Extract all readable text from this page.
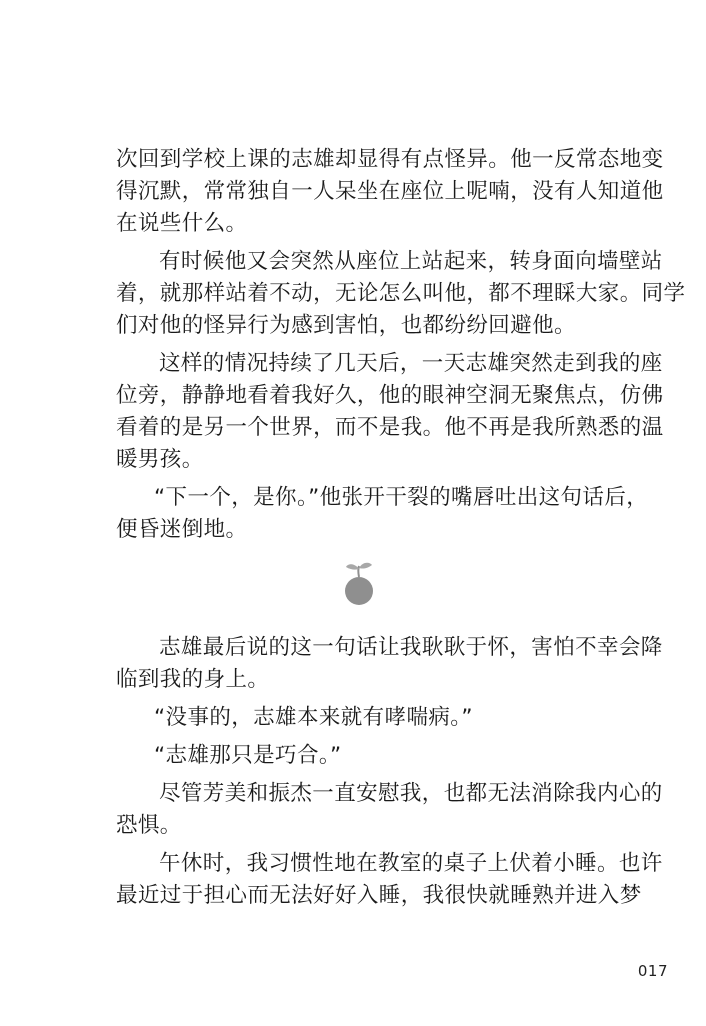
次回到学校上课的志雄却显得有点怪异。他一反常态地变
得沉默，常常独自一人呆坐在座位上呢喃，没有人知道他
在说些什么。
有时候他又会突然从座位上站起来，转身面向墙壁站
着，就那样站着不动，无论怎么叫他，都不理睬大家。同学
们对他的怪异行为感到害怕，也都纷纷回避他。
这样的情况持续了几天后，一天志雄突然走到我的座
位旁，静静地看着我好久，他的眼神空洞无聚焦点，仿佛
看着的是另一个世界，而不是我。他不再是我所熟悉的温
暖男孩。
“下一个，是你。”他张开干裂的嘴唇吐出这句话后，
便昏迷倒地。
志雄最后说的这一句话让我耿耿于怀，害怕不幸会降
临到我的身上。
“没事的，志雄本来就有哮喘病。”
“志雄那只是巧合。”
尽管芳美和振杰一直安慰我，也都无法消除我内心的
恐惧。
午休时，我习惯性地在教室的桌子上伏着小睡。也许
最近过于担心而无法好好入睡，我很快就睡熟并进入梦
017
